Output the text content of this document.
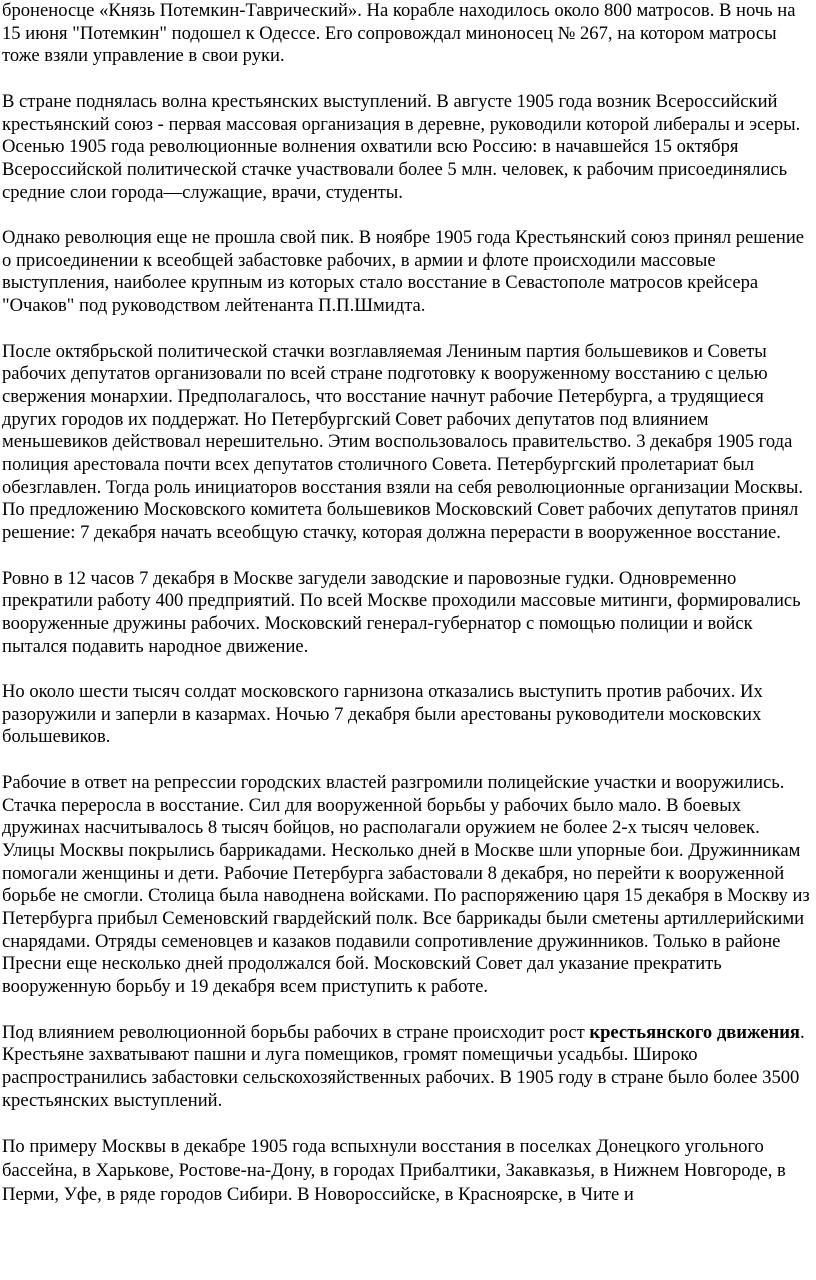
броненосце «Князь Потемкин-Таврический». На корабле находилось около 800 матросов. В ночь на 15 июня "Потемкин" подошел к Одессе. Его сопровождал миноносец № 267, на котором матросы тоже взяли управление в свои руки.

В стране поднялась волна крестьянских выступлений. В августе 1905 года возник Всероссийский крестьянский союз - первая массовая организация в деревне, руководили которой либералы и эсеры. Осенью 1905 года революционные волнения охватили всю Россию: в начавшейся 15 октября Всероссийской политической стачке участвовали более 5 млн. человек, к рабочим присоединялись средние слои города—служащие, врачи, студенты.

Однако революция еще не прошла свой пик. В ноябре 1905 года Крестьянский союз принял решение о присоединении к всеобщей забастовке рабочих, в армии и флоте происходили массовые выступления, наиболее крупным из которых стало восстание в Севастополе матросов крейсера "Очаков" под руководством лейтенанта П.П.Шмидта.

После октябрьской политической стачки возглавляемая Лениным партия большевиков и Советы рабочих депутатов организовали по всей стране подготовку к вооруженному восстанию с целью свержения монархии. Предполагалось, что восстание начнут рабочие Петербурга, а трудящиеся других городов их поддержат. Но Петербургский Совет рабочих депутатов под влиянием меньшевиков действовал нерешительно. Этим воспользовалось правительство. 3 декабря 1905 года полиция арестовала почти всех депутатов столичного Совета. Петербургский пролетариат был обезглавлен. Тогда роль инициаторов восстания взяли на себя революционные организации Москвы. По предложению Московского комитета большевиков Московский Совет рабочих депутатов принял решение: 7 декабря начать всеобщую стачку, которая должна перерасти в вооруженное восстание.

Ровно в 12 часов 7 декабря в Москве загудели заводские и паровозные гудки. Одновременно прекратили работу 400 предприятий. По всей Москве проходили массовые митинги, формировались вооруженные дружины рабочих. Московский генерал-губернатор с помощью полиции и войск пытался подавить народное движение.

Но около шести тысяч солдат московского гарнизона отказались выступить против рабочих. Их разоружили и заперли в казармах. Ночью 7 декабря были арестованы руководители московских большевиков.

Рабочие в ответ на репрессии городских властей разгромили полицейские участки и вооружились. Стачка переросла в восстание. Сил для вооруженной борьбы у рабочих было мало. В боевых дружинах насчитывалось 8 тысяч бойцов, но располагали оружием не более 2-х тысяч человек. Улицы Москвы покрылись баррикадами. Несколько дней в Москве шли упорные бои. Дружинникам помогали женщины и дети. Рабочие Петербурга забастовали 8 декабря, но перейти к вооруженной борьбе не смогли. Столица была наводнена войсками. По распоряжению царя 15 декабря в Москву из Петербурга прибыл Семеновский гвардейский полк. Все баррикады были сметены артиллерийскими снарядами. Отряды семеновцев и казаков подавили сопротивление дружинников. Только в районе Пресни еще несколько дней продолжался бой. Московский Совет дал указание прекратить вооруженную борьбу и 19 декабря всем приступить к работе.

Под влиянием революционной борьбы рабочих в стране происходит рост крестьянского движения. Крестьяне захватывают пашни и луга помещиков, громят помещичьи усадьбы. Широко распространились забастовки сельскохозяйственных рабочих. В 1905 году в стране было более 3500 крестьянских выступлений.

По примеру Москвы в декабре 1905 года вспыхнули восстания в поселках Донецкого угольного бассейна, в Харькове, Ростове-на-Дону, в городах Прибалтики, Закавказья, в Нижнем Новгороде, в Перми, Уфе, в ряде городов Сибири. В Новороссийске, в Красноярске, в Чите и
